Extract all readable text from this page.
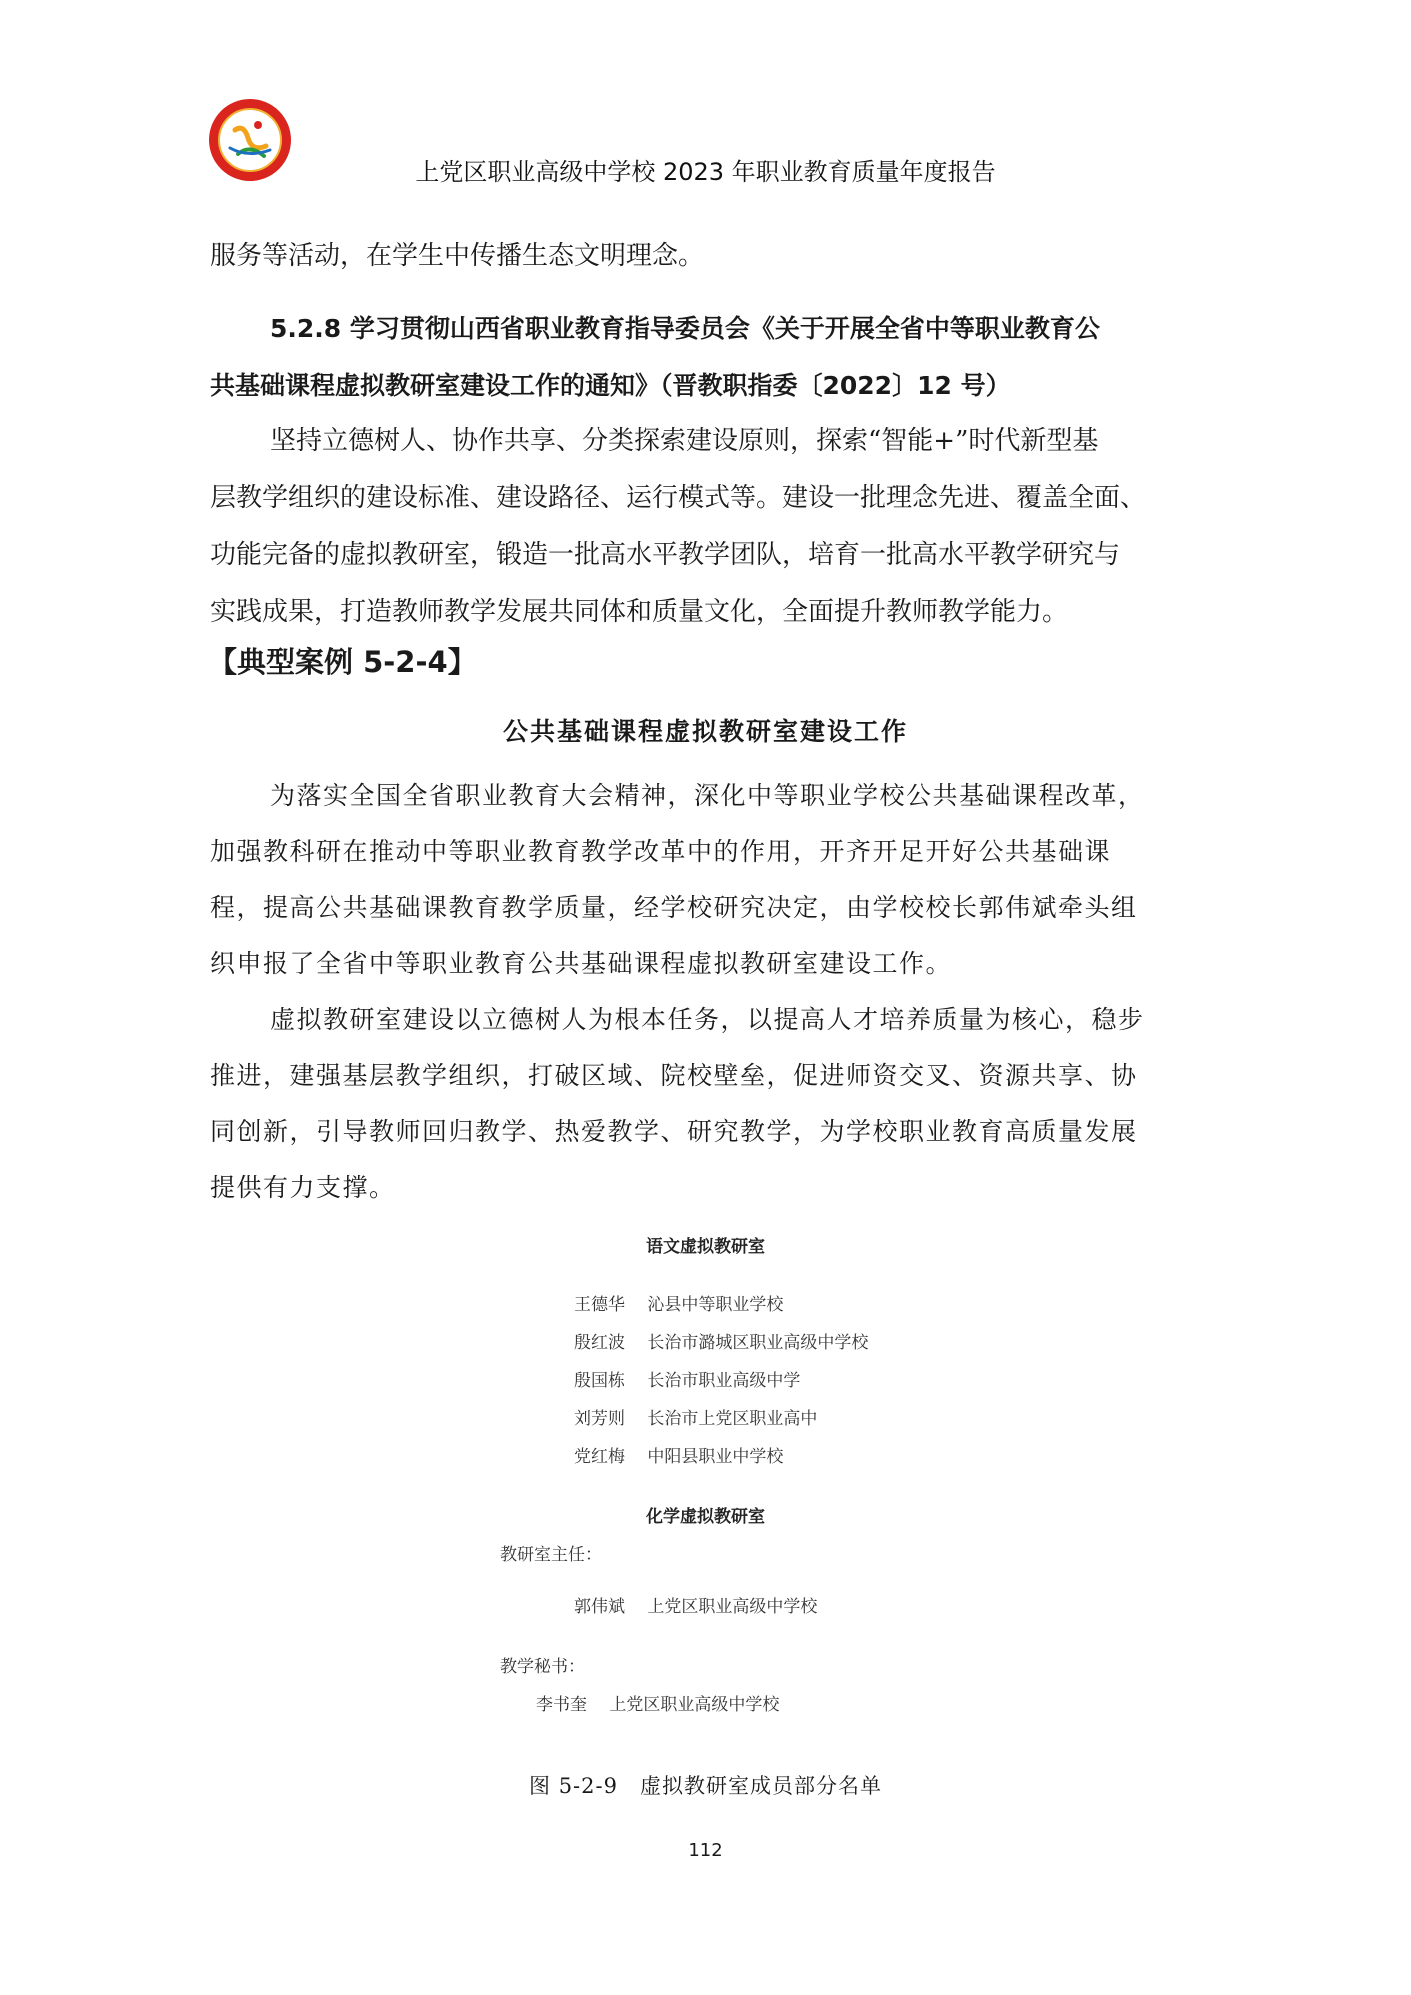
上党区职业高级中学校 2023 年职业教育质量年度报告
服务等活动，在学生中传播生态文明理念。
5.2.8 学习贯彻山西省职业教育指导委员会《关于开展全省中等职业教育公
共基础课程虚拟教研室建设工作的通知》（晋教职指委〔2022〕12 号）
坚持立德树人、协作共享、分类探索建设原则，探索“智能+”时代新型基
层教学组织的建设标准、建设路径、运行模式等。建设一批理念先进、覆盖全面、
功能完备的虚拟教研室，锻造一批高水平教学团队，培育一批高水平教学研究与
实践成果，打造教师教学发展共同体和质量文化，全面提升教师教学能力。
【典型案例 5-2-4】
公共基础课程虚拟教研室建设工作
为落实全国全省职业教育大会精神，深化中等职业学校公共基础课程改革，
加强教科研在推动中等职业教育教学改革中的作用，开齐开足开好公共基础课
程，提高公共基础课教育教学质量，经学校研究决定，由学校校长郭伟斌牵头组
织申报了全省中等职业教育公共基础课程虚拟教研室建设工作。
虚拟教研室建设以立德树人为根本任务，以提高人才培养质量为核心，稳步
推进，建强基层教学组织，打破区域、院校壁垒，促进师资交叉、资源共享、协
同创新，引导教师回归教学、热爱教学、研究教学，为学校职业教育高质量发展
提供有力支撑。
语文虚拟教研室
王德华 沁县中等职业学校
殷红波 长治市潞城区职业高级中学校
殷国栋 长治市职业高级中学
刘芳则 长治市上党区职业高中
党红梅 中阳县职业中学校
化学虚拟教研室
教研室主任：
郭伟斌 上党区职业高级中学校
教学秘书：
李书奎 上党区职业高级中学校
图 5-2-9　虚拟教研室成员部分名单
112
